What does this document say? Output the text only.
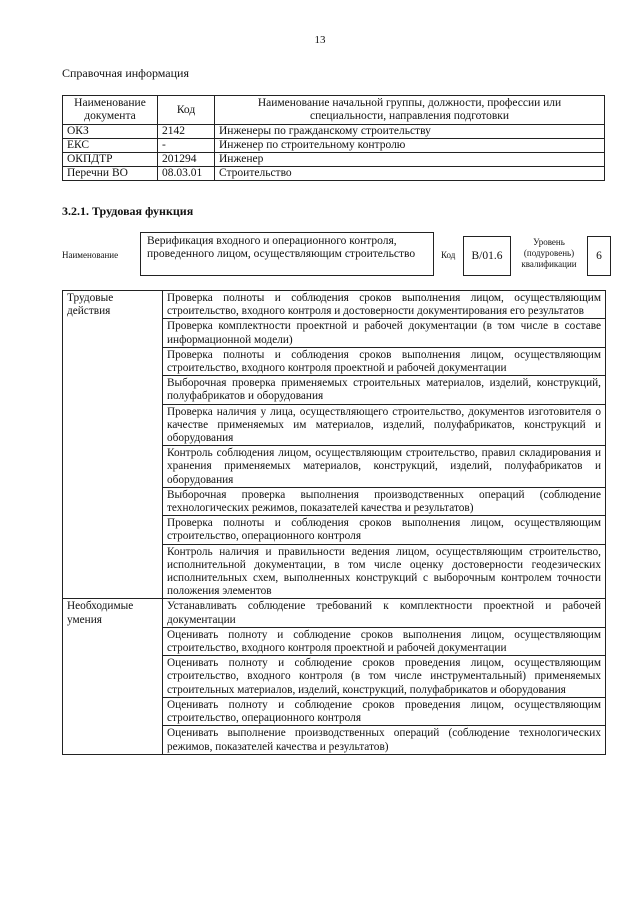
13
Справочная информация
Наименование документа	Код	Наименование начальной группы, должности, профессии или специальности, направления подготовки
ОКЗ	2142	Инженеры по гражданскому строительству
ЕКС	-	Инженер по строительному контролю
ОКПДТР	201294	Инженер
Перечни ВО	08.03.01	Строительство
3.2.1. Трудовая функция
Наименование
Верификация входного и операционного контроля, проведенного лицом, осуществляющим строительство	Код	В/01.6
Уровень (подуровень) квалификации
6
Трудовые действия	Проверка полноты и соблюдения сроков выполнения лицом, осуществляющим строительство, входного контроля и достоверности документирования его результатов
	Проверка комплектности проектной и рабочей документации (в том числе в составе информационной модели)
	Проверка полноты и соблюдения сроков выполнения лицом, осуществляющим строительство, входного контроля проектной и рабочей документации
	Выборочная проверка применяемых строительных материалов, изделий, конструкций, полуфабрикатов и оборудования
	Проверка наличия у лица, осуществляющего строительство, документов изготовителя о качестве применяемых им материалов, изделий, полуфабрикатов, конструкций и оборудования
	Контроль соблюдения лицом, осуществляющим строительство, правил складирования и хранения применяемых материалов, конструкций, изделий, полуфабрикатов и оборудования
	Выборочная проверка выполнения производственных операций (соблюдение технологических режимов, показателей качества и результатов)
	Проверка полноты и соблюдения сроков выполнения лицом, осуществляющим строительство, операционного контроля
	Контроль наличия и правильности ведения лицом, осуществляющим строительство, исполнительной документации, в том числе оценку достоверности геодезических исполнительных схем, выполненных конструкций с выборочным контролем точности положения элементов
Необходимые умения	Устанавливать соблюдение требований к комплектности проектной и рабочей документации
	Оценивать полноту и соблюдение сроков выполнения лицом, осуществляющим строительство, входного контроля проектной и рабочей документации
	Оценивать полноту и соблюдение сроков проведения лицом, осуществляющим строительство, входного контроля (в том числе инструментальный) применяемых строительных материалов, изделий, конструкций, полуфабрикатов и оборудования
	Оценивать полноту и соблюдение сроков проведения лицом, осуществляющим строительство, операционного контроля
	Оценивать выполнение производственных операций (соблюдение технологических режимов, показателей качества и результатов)
